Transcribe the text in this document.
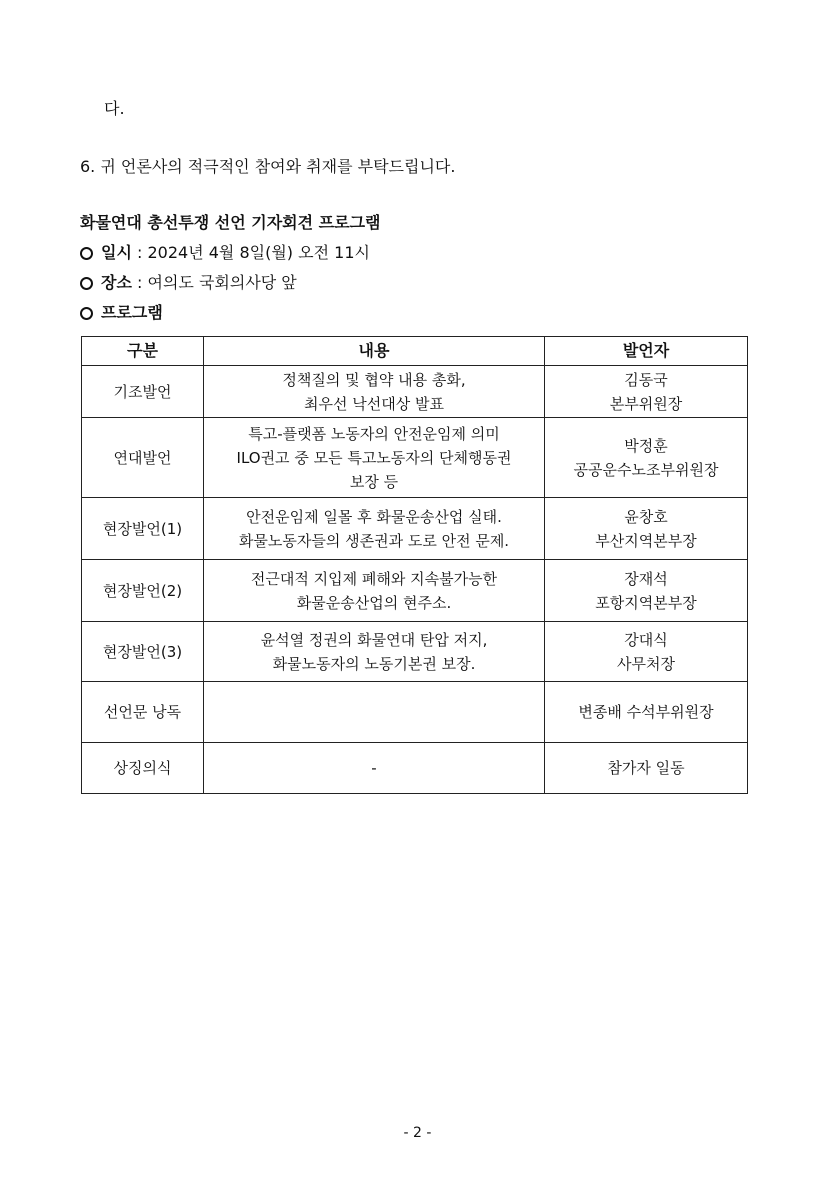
다.
6. 귀 언론사의 적극적인 참여와 취재를 부탁드립니다.
화물연대 총선투쟁 선언 기자회견 프로그램
일시 : 2024년 4월 8일(월) 오전 11시
장소 : 여의도 국회의사당 앞
프로그램
구분	내용	발언자
기조발언	정책질의 및 협약 내용 총화,
최우선 낙선대상 발표	김동국
본부위원장

연대발언	특고-플랫폼 노동자의 안전운임제 의미
ILO권고 중 모든 특고노동자의 단체행동권
보장 등	박정훈
공공운수노조부위원장

현장발언(1)	안전운임제 일몰 후 화물운송산업 실태.
화물노동자들의 생존권과 도로 안전 문제.	윤창호
부산지역본부장

현장발언(2)	전근대적 지입제 폐해와 지속불가능한
화물운송산업의 현주소.	장재석
포항지역본부장

현장발언(3)	윤석열 정권의 화물연대 탄압 저지,
화물노동자의 노동기본권 보장.	강대식
사무처장

선언문 낭독		변종배 수석부위원장

상징의식	-	참가자 일동
- 2 -
